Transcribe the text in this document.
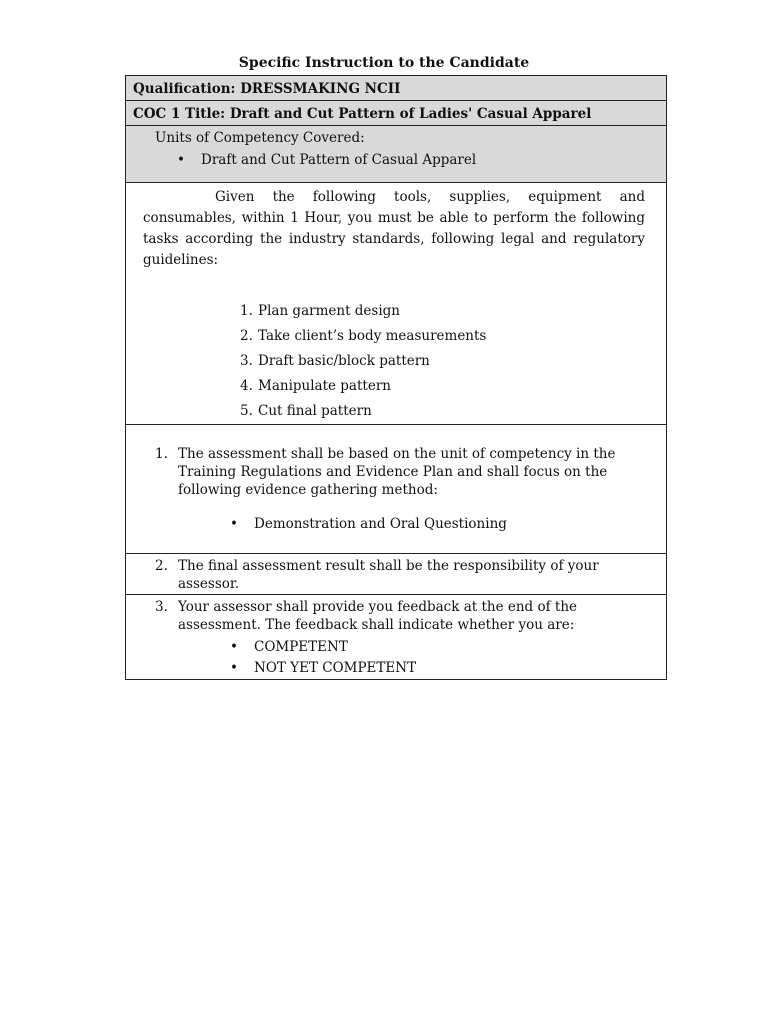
Specific Instruction to the Candidate
Qualification: DRESSMAKING NCII
COC 1 Title: Draft and Cut Pattern of Ladies' Casual Apparel

Units of Competency Covered:
• Draft and Cut Pattern of Casual Apparel

Given the following tools, supplies, equipment and consumables, within 1 Hour, you must be able to perform the following tasks according the industry standards, following legal and regulatory guidelines:
1. Plan garment design
2. Take client’s body measurements
3. Draft basic/block pattern
4. Manipulate pattern
5. Cut final pattern

1. The assessment shall be based on the unit of competency in the Training Regulations and Evidence Plan and shall focus on the following evidence gathering method:
• Demonstration and Oral Questioning

2. The final assessment result shall be the responsibility of your assessor.

3. Your assessor shall provide you feedback at the end of the assessment. The feedback shall indicate whether you are:
• COMPETENT
• NOT YET COMPETENT
